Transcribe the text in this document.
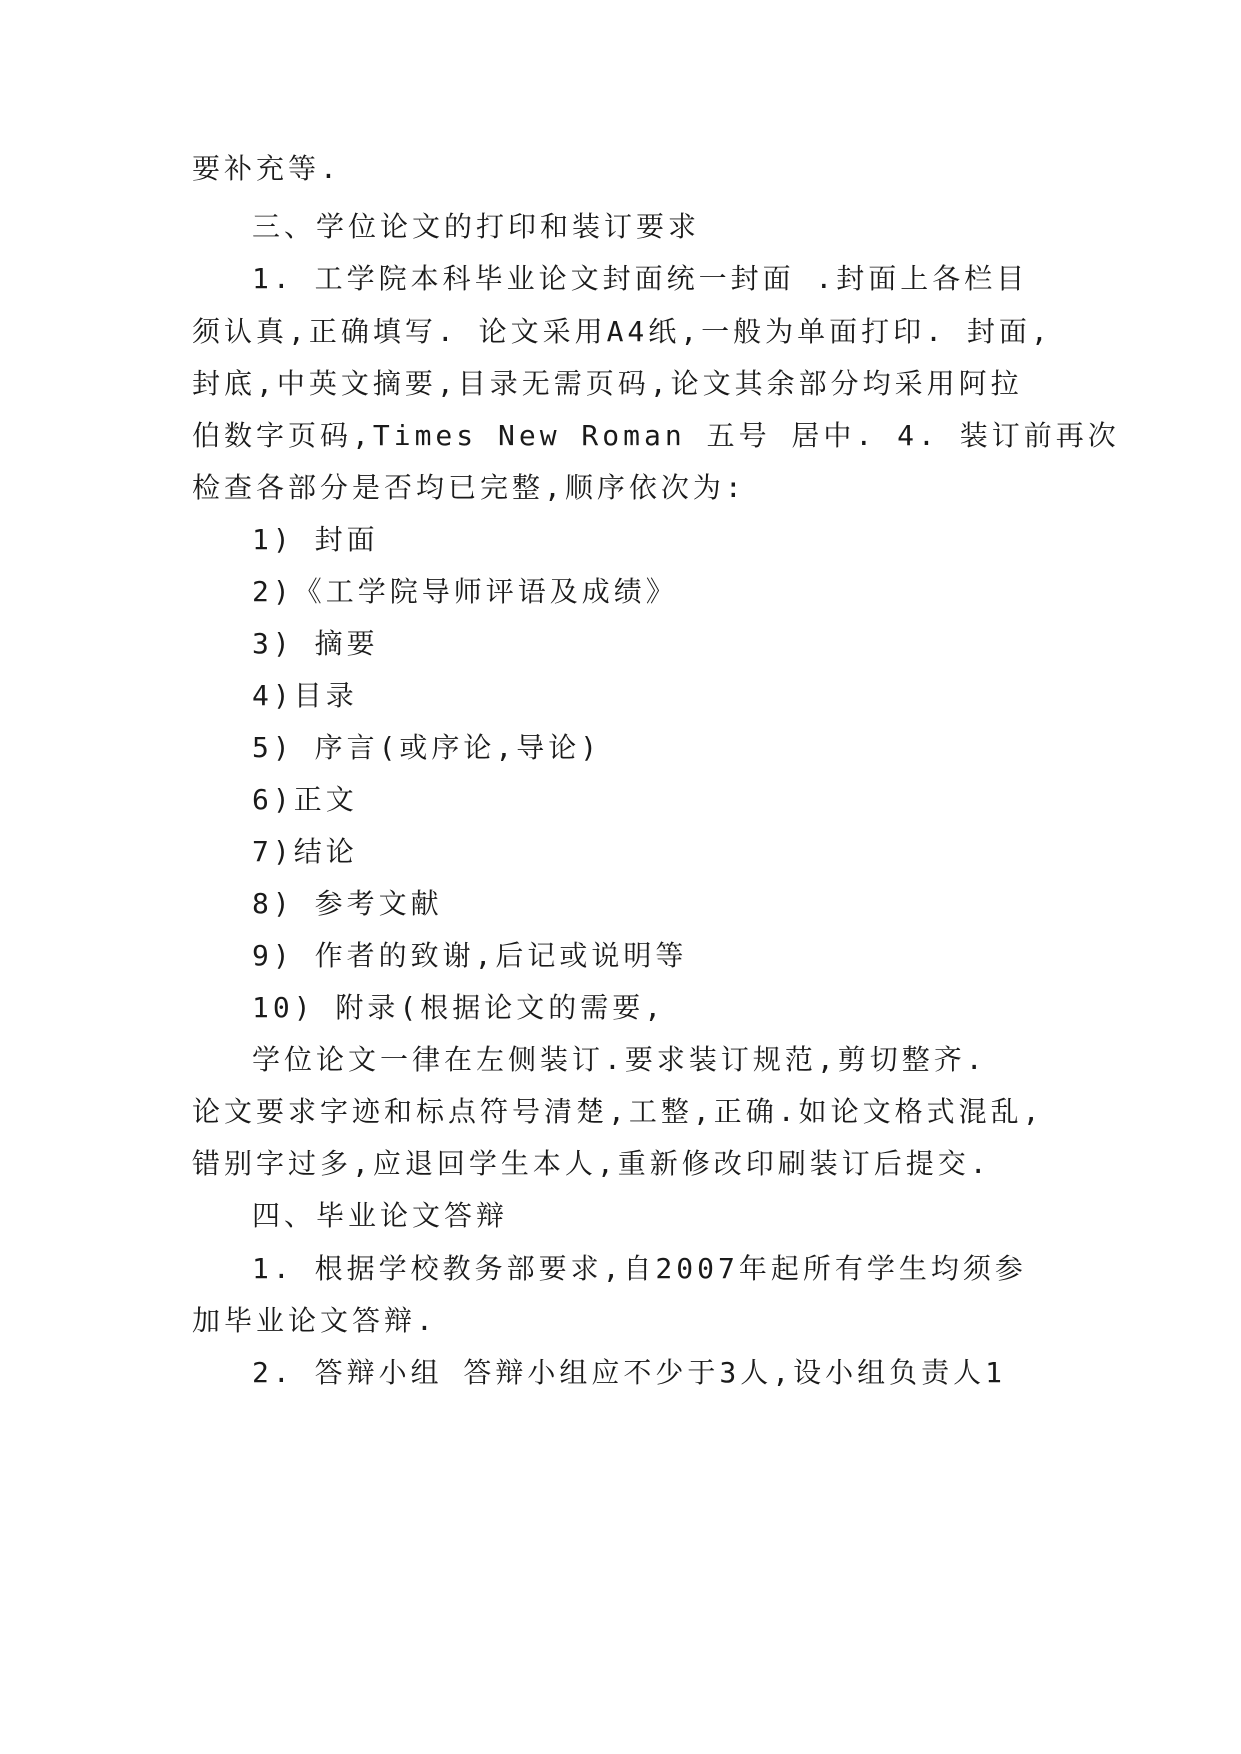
要补充等.
三、学位论文的打印和装订要求
1. 工学院本科毕业论文封面统一封面 .封面上各栏目
须认真,正确填写. 论文采用A4纸,一般为单面打印. 封面,
封底,中英文摘要,目录无需页码,论文其余部分均采用阿拉
伯数字页码,Times New Roman 五号 居中. 4. 装订前再次
检查各部分是否均已完整,顺序依次为:
1) 封面
2)《工学院导师评语及成绩》
3) 摘要
4)目录
5) 序言(或序论,导论)
6)正文
7)结论
8) 参考文献
9) 作者的致谢,后记或说明等
10) 附录(根据论文的需要,
学位论文一律在左侧装订.要求装订规范,剪切整齐.
论文要求字迹和标点符号清楚,工整,正确.如论文格式混乱,
错别字过多,应退回学生本人,重新修改印刷装订后提交.
四、毕业论文答辩
1. 根据学校教务部要求,自2007年起所有学生均须参
加毕业论文答辩.
2. 答辩小组 答辩小组应不少于3人,设小组负责人1
